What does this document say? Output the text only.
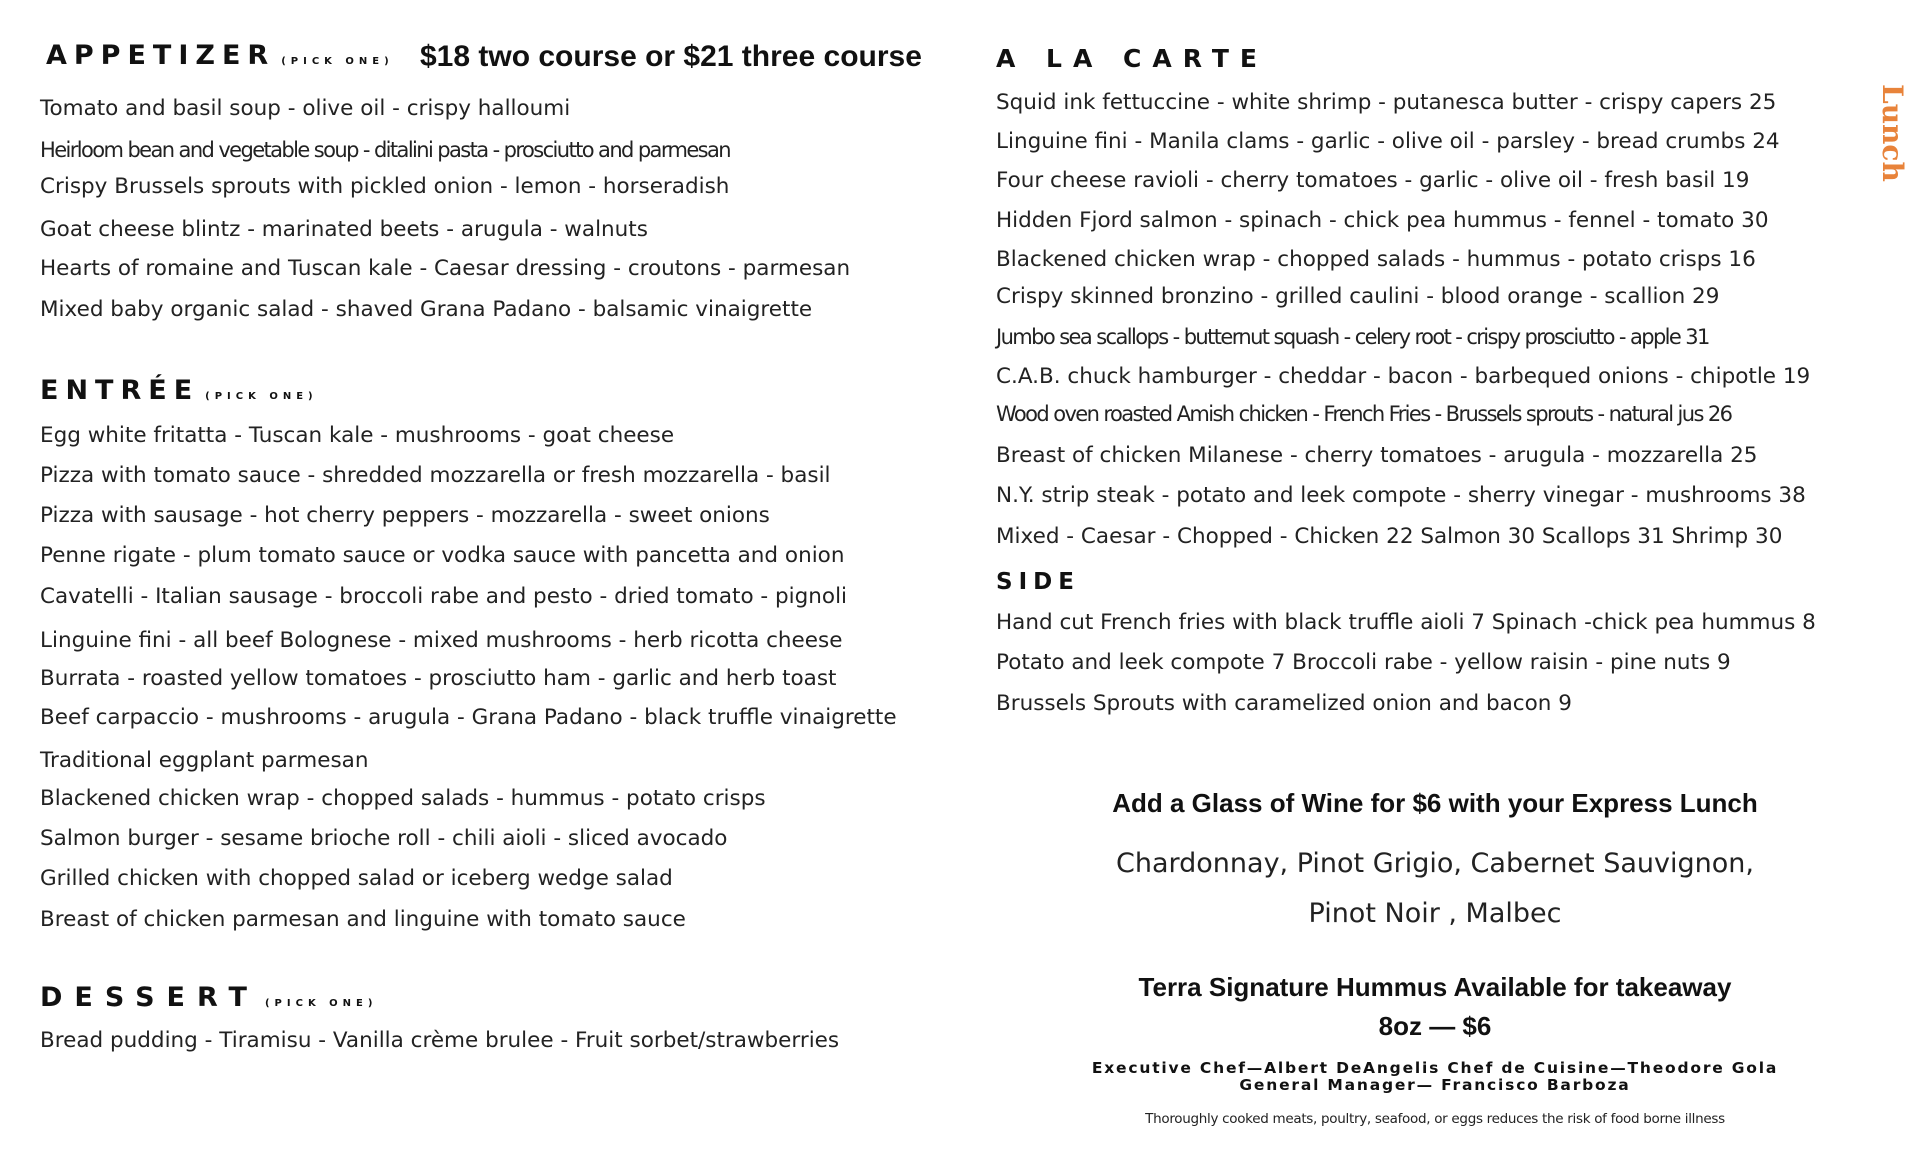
APPETIZER (PICK ONE) $18 two course or $21 three course
Tomato and basil soup - olive oil - crispy halloumi
Heirloom bean and vegetable soup - ditalini pasta - prosciutto and parmesan
Crispy Brussels sprouts with pickled onion - lemon - horseradish
Goat cheese blintz - marinated beets - arugula - walnuts
Hearts of romaine and Tuscan kale - Caesar dressing - croutons - parmesan
Mixed baby organic salad - shaved Grana Padano - balsamic vinaigrette
ENTRÉE (PICK ONE)
Egg white fritatta - Tuscan kale - mushrooms - goat cheese
Pizza with tomato sauce - shredded mozzarella or fresh mozzarella - basil
Pizza with sausage - hot cherry peppers - mozzarella - sweet onions
Penne rigate - plum tomato sauce or vodka sauce with pancetta and onion
Cavatelli - Italian sausage - broccoli rabe and pesto - dried tomato - pignoli
Linguine fini - all beef Bolognese - mixed mushrooms - herb ricotta cheese
Burrata - roasted yellow tomatoes - prosciutto ham - garlic and herb toast
Beef carpaccio - mushrooms - arugula - Grana Padano - black truffle vinaigrette
Traditional eggplant parmesan
Blackened chicken wrap - chopped salads - hummus - potato crisps
Salmon burger - sesame brioche roll - chili aioli - sliced avocado
Grilled chicken with chopped salad or iceberg wedge salad
Breast of chicken parmesan and linguine with tomato sauce
DESSERT (PICK ONE)
Bread pudding - Tiramisu - Vanilla crème brulee - Fruit sorbet/strawberries
A LA CARTE
Squid ink fettuccine - white shrimp - putanesca butter - crispy capers 25
Linguine fini - Manila clams - garlic - olive oil - parsley - bread crumbs 24
Four cheese ravioli - cherry tomatoes - garlic - olive oil - fresh basil 19
Hidden Fjord salmon - spinach - chick pea hummus - fennel - tomato 30
Blackened chicken wrap - chopped salads - hummus - potato crisps 16
Crispy skinned bronzino - grilled caulini - blood orange - scallion 29
Jumbo sea scallops - butternut squash - celery root - crispy prosciutto - apple 31
C.A.B. chuck hamburger - cheddar - bacon - barbequed onions - chipotle 19
Wood oven roasted Amish chicken - French Fries - Brussels sprouts - natural jus 26
Breast of chicken Milanese - cherry tomatoes - arugula - mozzarella 25
N.Y. strip steak - potato and leek compote - sherry vinegar - mushrooms 38
Mixed - Caesar - Chopped - Chicken 22 Salmon 30 Scallops 31 Shrimp 30
SIDE
Hand cut French fries with black truffle aioli 7 Spinach -chick pea hummus 8
Potato and leek compote 7 Broccoli rabe - yellow raisin - pine nuts 9
Brussels Sprouts with caramelized onion and bacon 9
Lunch
Add a Glass of Wine for $6 with your Express Lunch
Chardonnay, Pinot Grigio, Cabernet Sauvignon,
Pinot Noir , Malbec
Terra Signature Hummus Available for takeaway
8oz — $6
Executive Chef—Albert DeAngelis Chef de Cuisine—Theodore Gola
General Manager— Francisco Barboza
Thoroughly cooked meats, poultry, seafood, or eggs reduces the risk of food borne illness
